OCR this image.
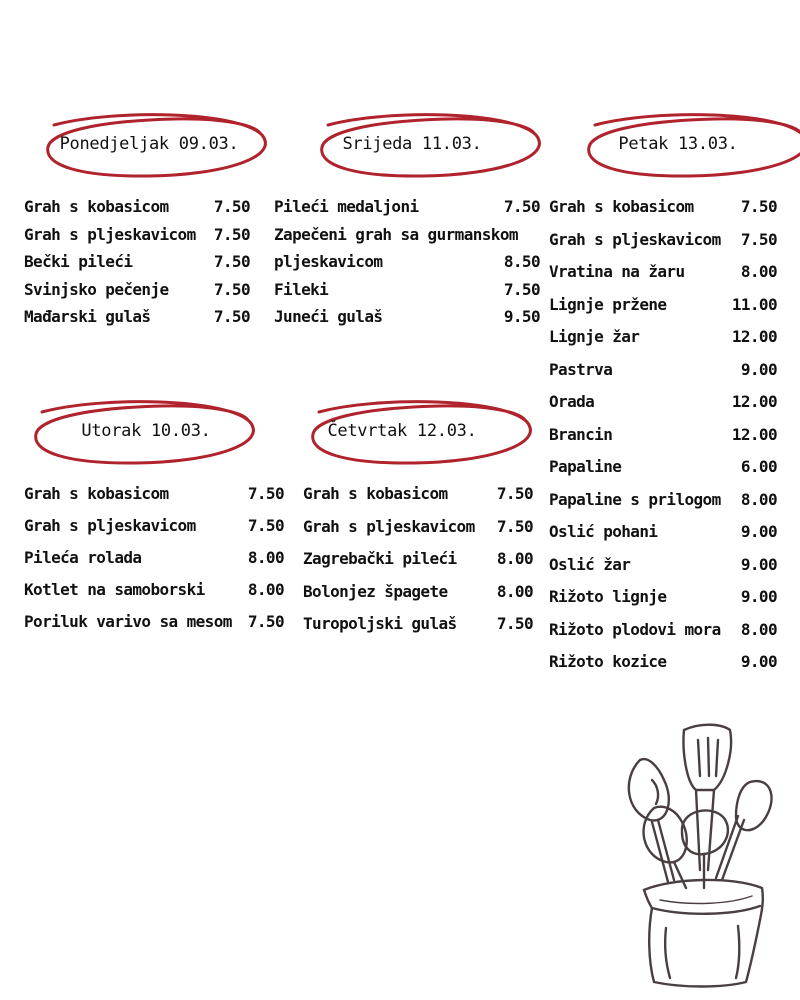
Ponedjeljak 09.03.
Grah s kobasicom	7.50
Grah s pljeskavicom	7.50
Bečki pileći	7.50
Svinjsko pečenje	7.50
Mađarski gulaš	7.50
Srijeda 11.03.
Pileći medaljoni	7.50
Zapečeni grah sa gurmanskom
pljeskavicom	8.50
Fileki	7.50
Juneći gulaš	9.50
Petak 13.03.
Grah s kobasicom	7.50
Grah s pljeskavicom	7.50
Vratina na žaru	8.00
Lignje pržene	11.00
Lignje žar	12.00
Pastrva	9.00
Orada	12.00
Brancin	12.00
Papaline	6.00
Papaline s prilogom	8.00
Oslić pohani	9.00
Oslić žar	9.00
Rižoto lignje	9.00
Rižoto plodovi mora	8.00
Rižoto kozice	9.00
Utorak 10.03.
Grah s kobasicom	7.50
Grah s pljeskavicom	7.50
Pileća rolada	8.00
Kotlet na samoborski	8.00
Poriluk varivo sa mesom	7.50
Četvrtak 12.03.
Grah s kobasicom	7.50
Grah s pljeskavicom	7.50
Zagrebački pileći	8.00
Bolonjez špagete	8.00
Turopoljski gulaš	7.50
